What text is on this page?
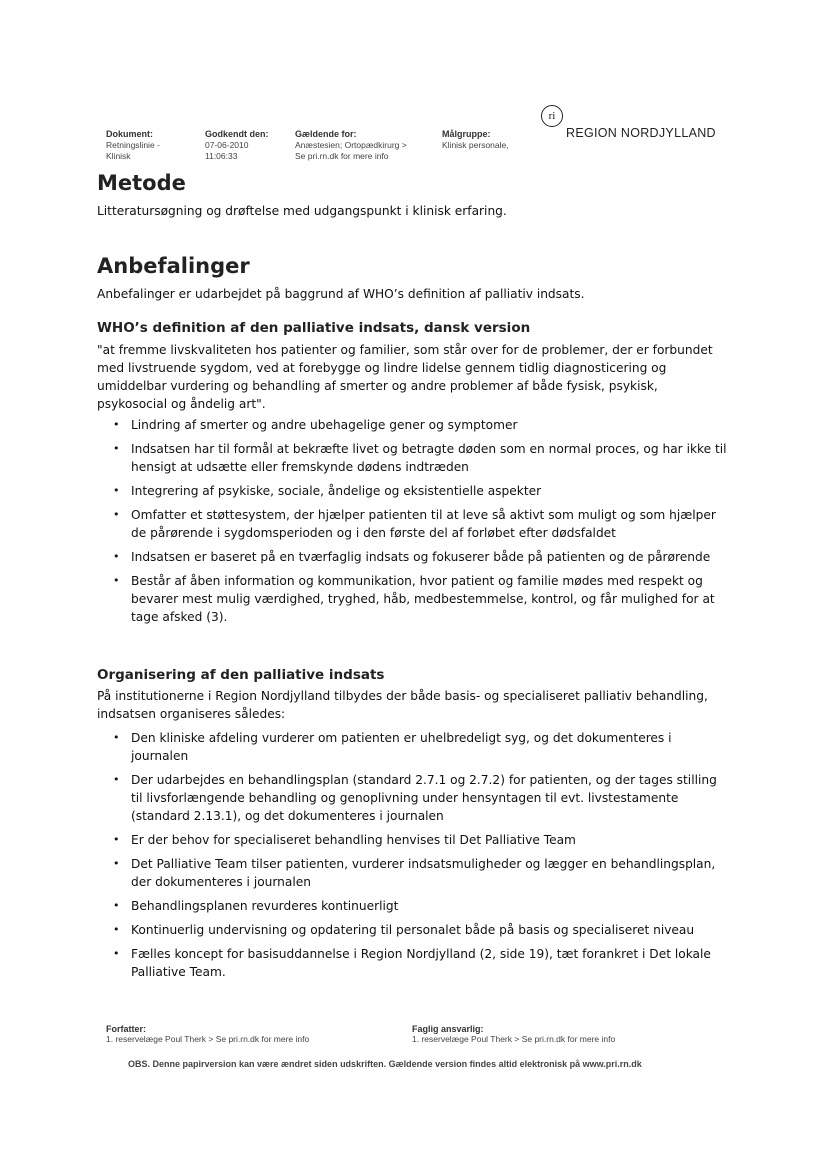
Dokument:
Retningslinie -
Klinisk
Godkendt den:
07-06-2010
11:06:33
Gældende for:
Anæstesien; Ortopædkirurg >
Se pri.rn.dk for mere info
Målgruppe:
Klinisk personale,
ri
REGION NORDJYLLAND
Metode

Litteratursøgning og drøftelse med udgangspunkt i klinisk erfaring.

Anbefalinger

Anbefalinger er udarbejdet på baggrund af WHO’s definition af palliativ indsats.

WHO’s definition af den palliative indsats, dansk version

"at fremme livskvaliteten hos patienter og familier, som står over for de problemer, der er forbundet med livstruende sygdom, ved at forebygge og lindre lidelse gennem tidlig diagnosticering og umiddelbar vurdering og behandling af smerter og andre problemer af både fysisk, psykisk, psykosocial og åndelig art".

• Lindring af smerter og andre ubehagelige gener og symptomer
• Indsatsen har til formål at bekræfte livet og betragte døden som en normal proces, og har ikke til hensigt at udsætte eller fremskynde dødens indtræden
• Integrering af psykiske, sociale, åndelige og eksistentielle aspekter
• Omfatter et støttesystem, der hjælper patienten til at leve så aktivt som muligt og som hjælper de pårørende i sygdomsperioden og i den første del af forløbet efter dødsfaldet
• Indsatsen er baseret på en tværfaglig indsats og fokuserer både på patienten og de pårørende
• Består af åben information og kommunikation, hvor patient og familie mødes med respekt og bevarer mest mulig værdighed, tryghed, håb, medbestemmelse, kontrol, og får mulighed for at tage afsked (3).
Organisering af den palliative indsats

På institutionerne i Region Nordjylland tilbydes der både basis- og specialiseret palliativ behandling, indsatsen organiseres således:

• Den kliniske afdeling vurderer om patienten er uhelbredeligt syg, og det dokumenteres i journalen
• Der udarbejdes en behandlingsplan (standard 2.7.1 og 2.7.2) for patienten, og der tages stilling til livsforlængende behandling og genoplivning under hensyntagen til evt. livstestamente (standard 2.13.1), og det dokumenteres i journalen
• Er der behov for specialiseret behandling henvises til Det Palliative Team
• Det Palliative Team tilser patienten, vurderer indsatsmuligheder og lægger en behandlingsplan, der dokumenteres i journalen
• Behandlingsplanen revurderes kontinuerligt
• Kontinuerlig undervisning og opdatering til personalet både på basis og specialiseret niveau
• Fælles koncept for basisuddannelse i Region Nordjylland (2, side 19), tæt forankret i Det lokale Palliative Team.
Forfatter:
1. reservelæge Poul Therk > Se pri.rn.dk for mere info
Faglig ansvarlig:
1. reservelæge Poul Therk > Se pri.rn.dk for mere info
OBS. Denne papirversion kan være ændret siden udskriften. Gældende version findes altid elektronisk på www.pri.rn.dk
